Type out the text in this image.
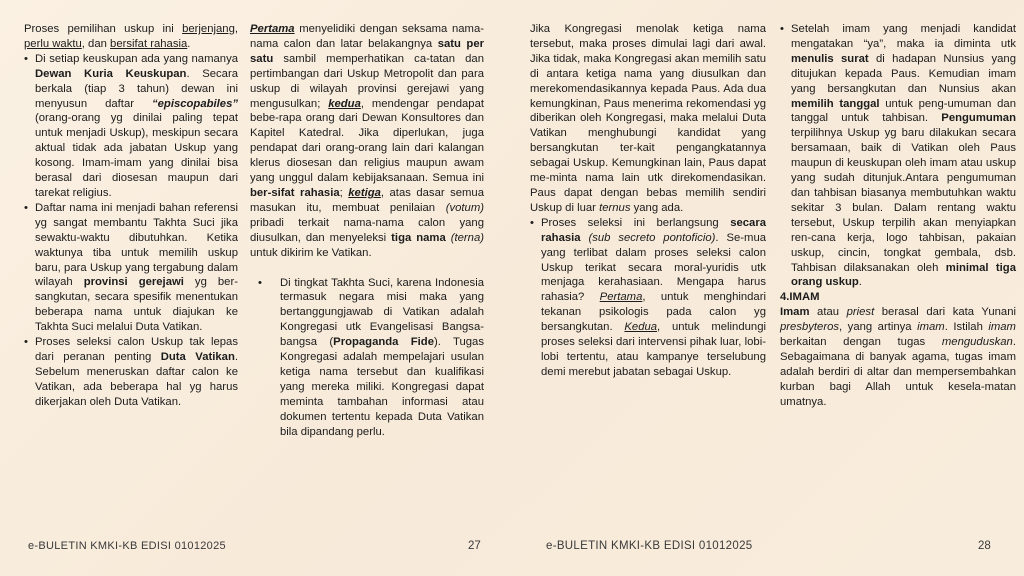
Proses pemilihan uskup ini berjenjang, perlu waktu, dan bersifat rahasia.

• Di setiap keuskupan ada yang namanya Dewan Kuria Keuskupan. Secara berkala (tiap 3 tahun) dewan ini menyusun daftar “episcopabiles” (orang-orang yg dinilai paling tepat untuk menjadi Uskup), meskipun secara aktual tidak ada jabatan Uskup yang kosong. Imam-imam yang dinilai bisa berasal dari diosesan maupun dari tarekat religius.
• Daftar nama ini menjadi bahan referensi yg sangat membantu Takhta Suci jika sewaktu-waktu dibutuhkan. Ketika waktunya tiba untuk memilih uskup baru, para Uskup yang tergabung dalam wilayah provinsi gerejawi yg ber-sangkutan, secara spesifik menentukan beberapa nama untuk diajukan ke Takhta Suci melalui Duta Vatikan.
• Proses seleksi calon Uskup tak lepas dari peranan penting Duta Vatikan. Sebelum meneruskan daftar calon ke Vatikan, ada beberapa hal yg harus dikerjakan oleh Duta Vatikan.

Pertama menyelidiki dengan seksama nama-nama calon dan latar belakangnya satu per satu sambil memperhatikan ca-tatan dan pertimbangan dari Uskup Metropolit dan para uskup di wilayah provinsi gerejawi yang mengusulkan; kedua, mendengar pendapat bebe-rapa orang dari Dewan Konsultores dan Kapitel Katedral. Jika diperlukan, juga pendapat dari orang-orang lain dari kalangan klerus diosesan dan religius maupun awam yang unggul dalam kebijaksanaan. Semua ini ber-sifat rahasia; ketiga, atas dasar semua masukan itu, membuat penilaian (votum) pribadi terkait nama-nama calon yang diusulkan, dan menyeleksi tiga nama (terna) untuk dikirim ke Vatikan.

• Di tingkat Takhta Suci, karena Indonesia termasuk negara misi maka yang bertanggungjawab di Vatikan adalah Kongregasi utk Evangelisasi Bangsa-bangsa (Propaganda Fide). Tugas Kongregasi adalah mempelajari usulan ketiga nama tersebut dan kualifikasi yang mereka miliki. Kongregasi dapat meminta tambahan informasi atau dokumen tertentu kepada Duta Vatikan bila dipandang perlu.
e-BULETIN KMKI-KB EDISI 01012025	27

Jika Kongregasi menolak ketiga nama tersebut, maka proses dimulai lagi dari awal. Jika tidak, maka Kongregasi akan memilih satu di antara ketiga nama yang diusulkan dan merekomendasikannya kepada Paus. Ada dua kemungkinan, Paus menerima rekomendasi yg diberikan oleh Kongregasi, maka melalui Duta Vatikan menghubungi kandidat yang bersangkutan ter-kait pengangkatannya sebagai Uskup. Kemungkinan lain, Paus dapat me-minta nama lain utk direkomendasikan. Paus dapat dengan bebas memilih sendiri Uskup di luar ternus yang ada.

• Proses seleksi ini berlangsung secara rahasia (sub secreto pontoficio). Se-mua yang terlibat dalam proses seleksi calon Uskup terikat secara moral-yuridis utk menjaga kerahasiaan. Mengapa harus rahasia? Pertama, untuk menghindari tekanan psikologis pada calon yg bersangkutan. Kedua, untuk melindungi proses seleksi dari intervensi pihak luar, lobi-lobi tertentu, atau kampanye terselubung demi merebut jabatan sebagai Uskup.
• Setelah imam yang menjadi kandidat mengatakan “ya”, maka ia diminta utk menulis surat di hadapan Nunsius yang ditujukan kepada Paus. Kemudian imam yang bersangkutan dan Nunsius akan memilih tanggal untuk peng-umuman dan tanggal untuk tahbisan. Pengumuman terpilihnya Uskup yg baru dilakukan secara bersamaan, baik di Vatikan oleh Paus maupun di keuskupan oleh imam atau uskup yang sudah ditunjuk.Antara pengumuman dan tahbisan biasanya membutuhkan waktu sekitar 3 bulan. Dalam rentang waktu tersebut, Uskup terpilih akan menyiapkan ren-cana kerja, logo tahbisan, pakaian uskup, cincin, tongkat gembala, dsb. Tahbisan dilaksanakan oleh minimal tiga orang uskup.

4.IMAM

Imam atau priest berasal dari kata Yunani presbyteros, yang artinya imam. Istilah imam berkaitan dengan tugas menguduskan. Sebagaimana di banyak agama, tugas imam adalah berdiri di altar dan mempersembahkan kurban bagi Allah untuk kesela-matan umatnya.

e-BULETIN KMKI-KB EDISI 01012025	28
